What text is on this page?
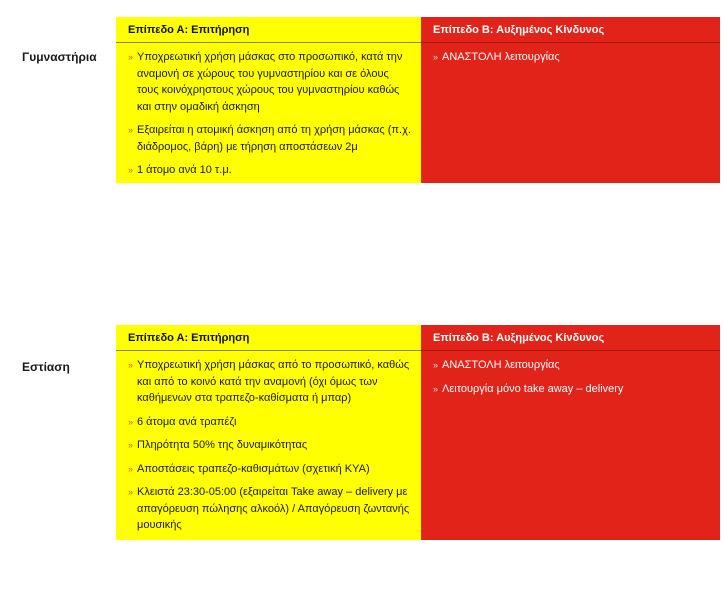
Γυμναστήρια
Επίπεδο Α: Επιτήρηση
» Υποχρεωτική χρήση μάσκας στο προσωπικό, κατά την αναμονή σε χώρους του γυμναστηρίου και σε όλους τους κοινόχρηστους χώρους του γυμναστηρίου καθώς και στην ομαδική άσκηση
» Εξαιρείται η ατομική άσκηση από τη χρήση μάσκας (π.χ. διάδρομος, βάρη) με τήρηση αποστάσεων 2μ
» 1 άτομο ανά 10 τ.μ.
Επίπεδο Β: Αυξημένος Κίνδυνος
» ΑΝΑΣΤΟΛΗ λειτουργίας
Εστίαση
Επίπεδο Α: Επιτήρηση
» Υποχρεωτική χρήση μάσκας από το προσωπικό, καθώς και από το κοινό κατά την αναμονή (όχι όμως των καθήμενων στα τραπεζο-καθίσματα ή μπαρ)
» 6 άτομα ανά τραπέζι
» Πληρότητα 50% της δυναμικότητας
» Αποστάσεις τραπεζο-καθισμάτων (σχετική ΚΥΑ)
» Κλειστά 23:30-05:00 (εξαιρείται Take away – delivery με απαγόρευση πώλησης αλκοόλ) / Απαγόρευση ζωντανής μουσικής
Επίπεδο Β: Αυξημένος Κίνδυνος
» ΑΝΑΣΤΟΛΗ λειτουργίας
» Λειτουργία μόνο take away – delivery
